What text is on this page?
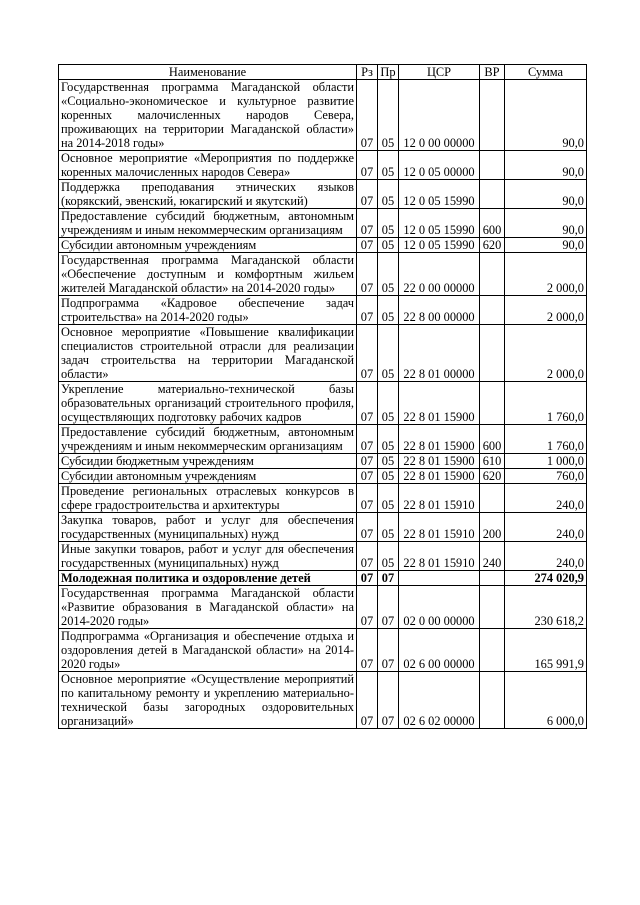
Наименование	Рз	Пр	ЦСР	ВР	Сумма
Государственная программа Магаданской области «Социально-экономическое и культурное развитие коренных малочисленных народов Севера, проживающих на территории Магаданской области» на 2014-2018 годы»	07	05	12 0 00 00000		90,0
Основное мероприятие «Мероприятия по поддержке коренных малочисленных народов Севера»	07	05	12 0 05 00000		90,0
Поддержка преподавания этнических языков (корякский, эвенский, юкагирский и якутский)	07	05	12 0 05 15990		90,0
Предоставление субсидий бюджетным, автономным учреждениям и иным некоммерческим организациям	07	05	12 0 05 15990	600	90,0
Субсидии автономным учреждениям	07	05	12 0 05 15990	620	90,0
Государственная программа Магаданской области «Обеспечение доступным и комфортным жильем жителей Магаданской области» на 2014-2020 годы»	07	05	22 0 00 00000		2 000,0
Подпрограмма «Кадровое обеспечение задач строительства» на 2014-2020 годы»	07	05	22 8 00 00000		2 000,0
Основное мероприятие «Повышение квалификации специалистов строительной отрасли для реализации задач строительства на территории Магаданской области»	07	05	22 8 01 00000		2 000,0
Укрепление материально-технической базы образовательных организаций строительного профиля, осуществляющих подготовку рабочих кадров	07	05	22 8 01 15900		1 760,0
Предоставление субсидий бюджетным, автономным учреждениям и иным некоммерческим организациям	07	05	22 8 01 15900	600	1 760,0
Субсидии бюджетным учреждениям	07	05	22 8 01 15900	610	1 000,0
Субсидии автономным учреждениям	07	05	22 8 01 15900	620	760,0
Проведение региональных отраслевых конкурсов в сфере градостроительства и архитектуры	07	05	22 8 01 15910		240,0
Закупка товаров, работ и услуг для обеспечения государственных (муниципальных) нужд	07	05	22 8 01 15910	200	240,0
Иные закупки товаров, работ и услуг для обеспечения государственных (муниципальных) нужд	07	05	22 8 01 15910	240	240,0
Молодежная политика и оздоровление детей	07	07			274 020,9
Государственная программа Магаданской области «Развитие образования в Магаданской области» на 2014-2020 годы»	07	07	02 0 00 00000		230 618,2
Подпрограмма «Организация и обеспечение отдыха и оздоровления детей в Магаданской области» на 2014-2020 годы»	07	07	02 6 00 00000		165 991,9
Основное мероприятие «Осуществление мероприятий по капитальному ремонту и укреплению материально-технической базы загородных оздоровительных организаций»	07	07	02 6 02 00000		6 000,0
